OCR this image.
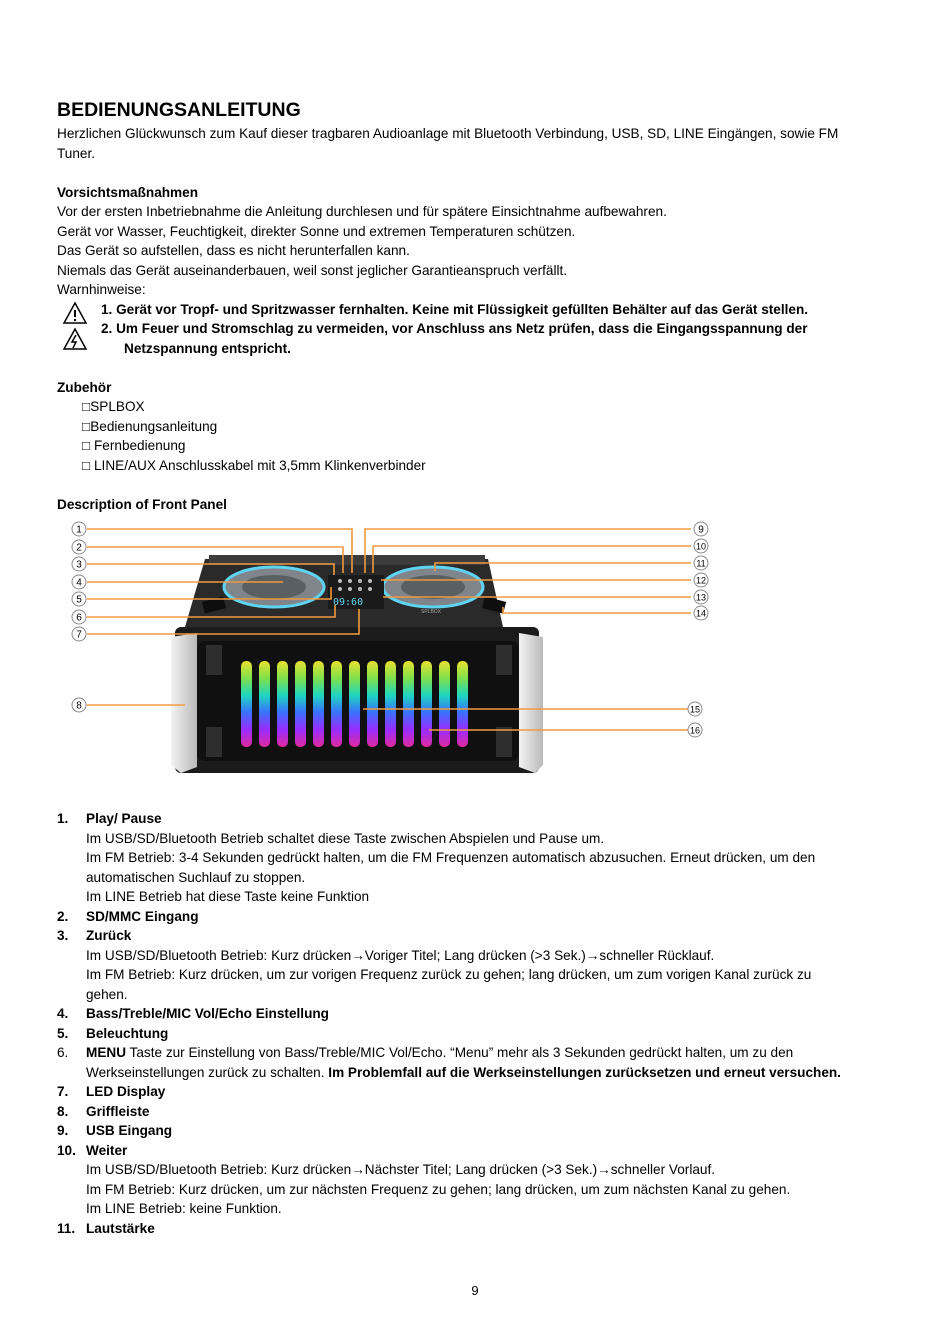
BEDIENUNGSANLEITUNG
Herzlichen Glückwunsch zum Kauf dieser tragbaren Audioanlage mit Bluetooth Verbindung, USB, SD, LINE Eingängen, sowie FM
Tuner.
Vorsichtsmaßnahmen
Vor der ersten Inbetriebnahme die Anleitung durchlesen und für spätere Einsichtnahme aufbewahren.
Gerät vor Wasser, Feuchtigkeit, direkter Sonne und extremen Temperaturen schützen.
Das Gerät so aufstellen, dass es nicht herunterfallen kann.
Niemals das Gerät auseinanderbauen, weil sonst jeglicher Garantieanspruch verfällt.
Warnhinweise:
1. Gerät vor Tropf- und Spritzwasser fernhalten. Keine mit Flüssigkeit gefüllten Behälter auf das Gerät stellen.
2. Um Feuer und Stromschlag zu vermeiden, vor Anschluss ans Netz prüfen, dass die Eingangsspannung der
Netzspannung entspricht.
Zubehör
□SPLBOX
□Bedienungsanleitung
□ Fernbedienung
□ LINE/AUX Anschlusskabel mit 3,5mm Klinkenverbinder
Description of Front Panel
09:60
SPLBOX
1
2
3
4
5
6
7
8
9
10
11
12
13
14
15
16
1. Play/ Pause
Im USB/SD/Bluetooth Betrieb schaltet diese Taste zwischen Abspielen und Pause um.
Im FM Betrieb: 3-4 Sekunden gedrückt halten, um die FM Frequenzen automatisch abzusuchen. Erneut drücken, um den
automatischen Suchlauf zu stoppen.
Im LINE Betrieb hat diese Taste keine Funktion
2. SD/MMC Eingang
3. Zurück
Im USB/SD/Bluetooth Betrieb: Kurz drücken→Voriger Titel; Lang drücken (>3 Sek.)→schneller Rücklauf.
Im FM Betrieb: Kurz drücken, um zur vorigen Frequenz zurück zu gehen; lang drücken, um zum vorigen Kanal zurück zu
gehen.
4. Bass/Treble/MIC Vol/Echo Einstellung
5. Beleuchtung
6. MENU Taste zur Einstellung von Bass/Treble/MIC Vol/Echo. “Menu” mehr als 3 Sekunden gedrückt halten, um zu den
Werkseinstellungen zurück zu schalten. Im Problemfall auf die Werkseinstellungen zurücksetzen und erneut versuchen.
7. LED Display
8. Griffleiste
9. USB Eingang
10. Weiter
Im USB/SD/Bluetooth Betrieb: Kurz drücken→Nächster Titel; Lang drücken (>3 Sek.)→schneller Vorlauf.
Im FM Betrieb: Kurz drücken, um zur nächsten Frequenz zu gehen; lang drücken, um zum nächsten Kanal zu gehen.
Im LINE Betrieb: keine Funktion.
11. Lautstärke
9
